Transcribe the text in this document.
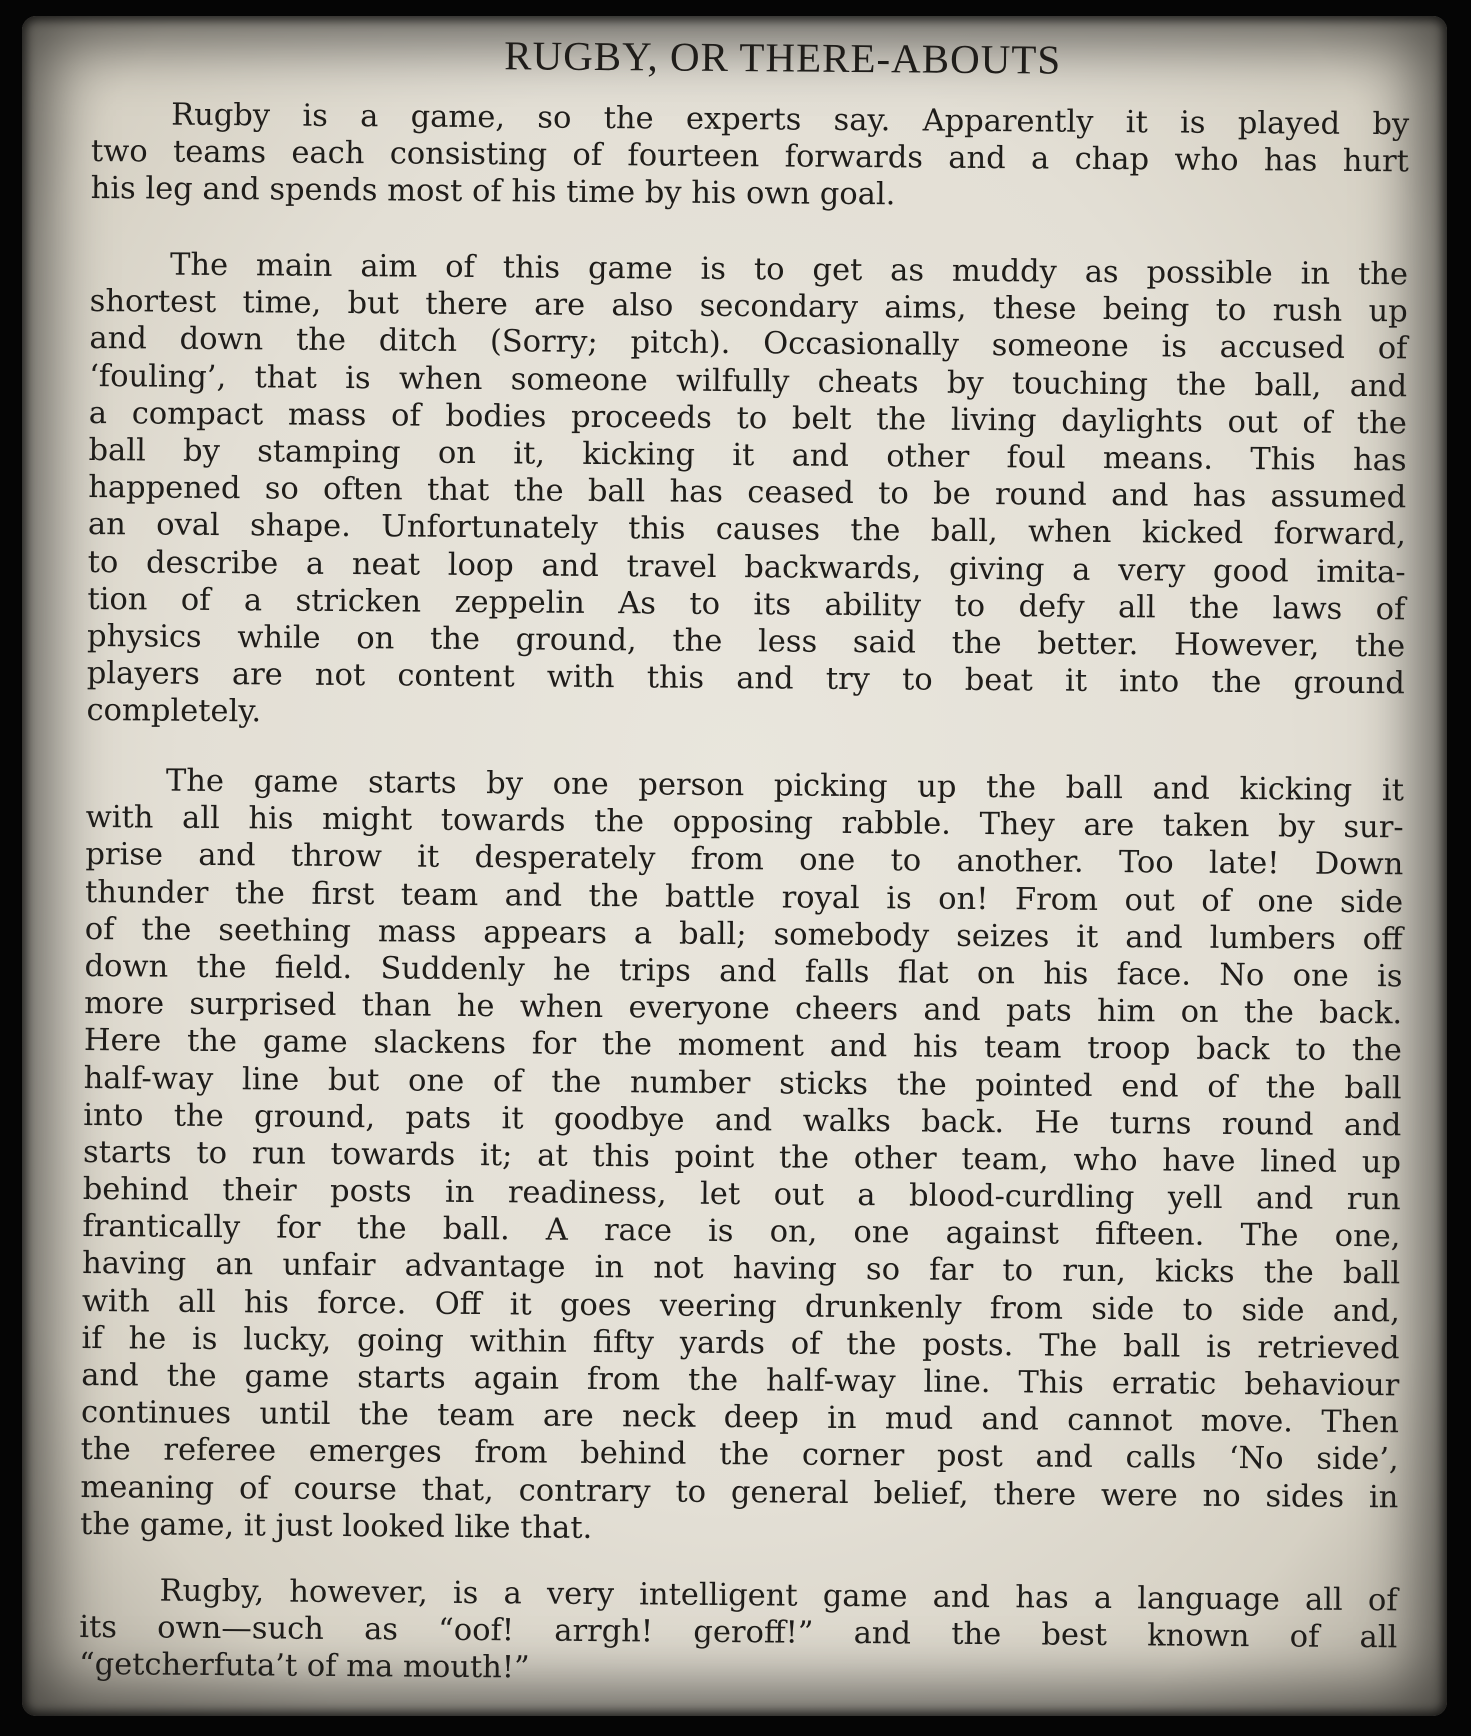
RUGBY, OR THERE-ABOUTS
Rugby is a game, so the experts say. Apparently it is played by
two teams each consisting of fourteen forwards and a chap who has hurt
his leg and spends most of his time by his own goal.
The main aim of this game is to get as muddy as possible in the
shortest time, but there are also secondary aims, these being to rush up
and down the ditch (Sorry; pitch). Occasionally someone is accused of
‘fouling’, that is when someone wilfully cheats by touching the ball, and
a compact mass of bodies proceeds to belt the living daylights out of the
ball by stamping on it, kicking it and other foul means. This has
happened so often that the ball has ceased to be round and has assumed
an oval shape. Unfortunately this causes the ball, when kicked forward,
to describe a neat loop and travel backwards, giving a very good imita-
tion of a stricken zeppelin As to its ability to defy all the laws of
physics while on the ground, the less said the better. However, the
players are not content with this and try to beat it into the ground
completely.
The game starts by one person picking up the ball and kicking it
with all his might towards the opposing rabble. They are taken by sur-
prise and throw it desperately from one to another. Too late! Down
thunder the first team and the battle royal is on! From out of one side
of the seething mass appears a ball; somebody seizes it and lumbers off
down the field. Suddenly he trips and falls flat on his face. No one is
more surprised than he when everyone cheers and pats him on the back.
Here the game slackens for the moment and his team troop back to the
half-way line but one of the number sticks the pointed end of the ball
into the ground, pats it goodbye and walks back. He turns round and
starts to run towards it; at this point the other team, who have lined up
behind their posts in readiness, let out a blood-curdling yell and run
frantically for the ball. A race is on, one against fifteen. The one,
having an unfair advantage in not having so far to run, kicks the ball
with all his force. Off it goes veering drunkenly from side to side and,
if he is lucky, going within fifty yards of the posts. The ball is retrieved
and the game starts again from the half-way line. This erratic behaviour
continues until the team are neck deep in mud and cannot move. Then
the referee emerges from behind the corner post and calls ‘No side’,
meaning of course that, contrary to general belief, there were no sides in
the game, it just looked like that.
Rugby, however, is a very intelligent game and has a language all of
its own—such as “oof! arrgh! geroff!” and the best known of all
“getcherfuta’t of ma mouth!”
